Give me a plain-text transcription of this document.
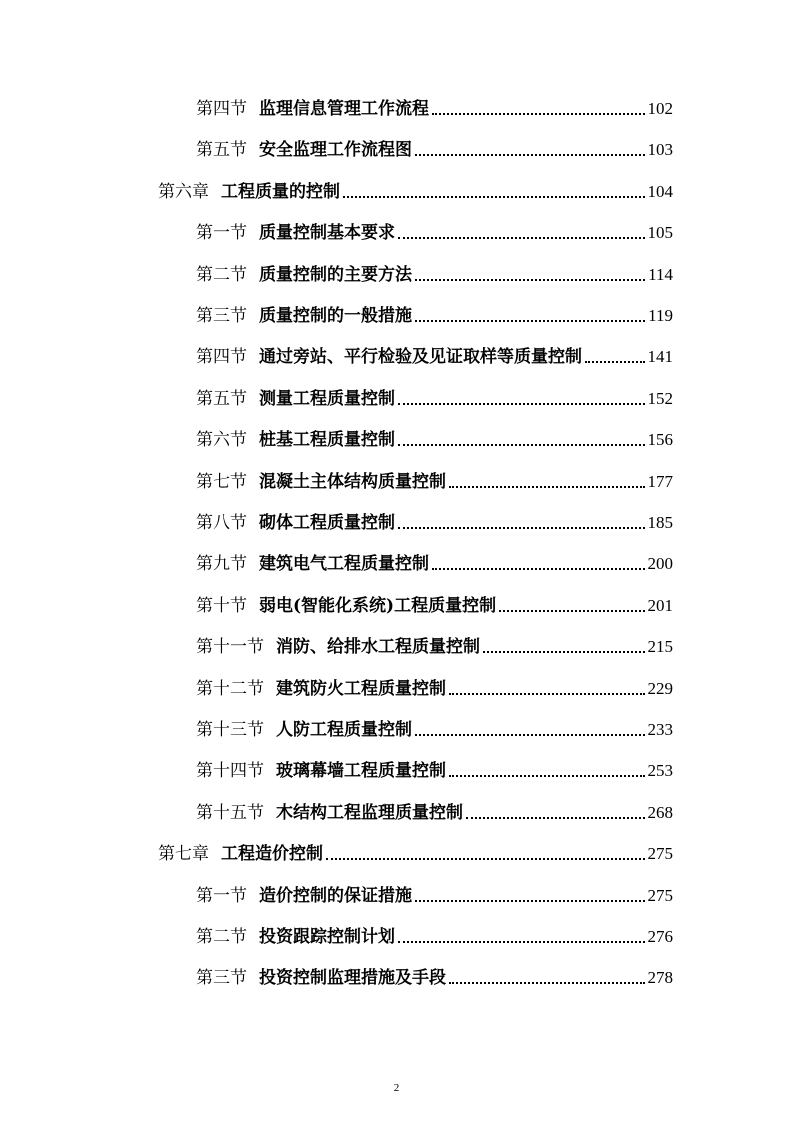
第四节 监理信息管理工作流程	102
第五节 安全监理工作流程图	103
第六章 工程质量的控制	104
第一节 质量控制基本要求	105
第二节 质量控制的主要方法	114
第三节 质量控制的一般措施	119
第四节 通过旁站、平行检验及见证取样等质量控制	141
第五节 测量工程质量控制	152
第六节 桩基工程质量控制	156
第七节 混凝土主体结构质量控制	177
第八节 砌体工程质量控制	185
第九节 建筑电气工程质量控制	200
第十节 弱电(智能化系统)工程质量控制	201
第十一节 消防、给排水工程质量控制	215
第十二节 建筑防火工程质量控制	229
第十三节 人防工程质量控制	233
第十四节 玻璃幕墙工程质量控制	253
第十五节 木结构工程监理质量控制	268
第七章 工程造价控制	275
第一节 造价控制的保证措施	275
第二节 投资跟踪控制计划	276
第三节 投资控制监理措施及手段	278
2
